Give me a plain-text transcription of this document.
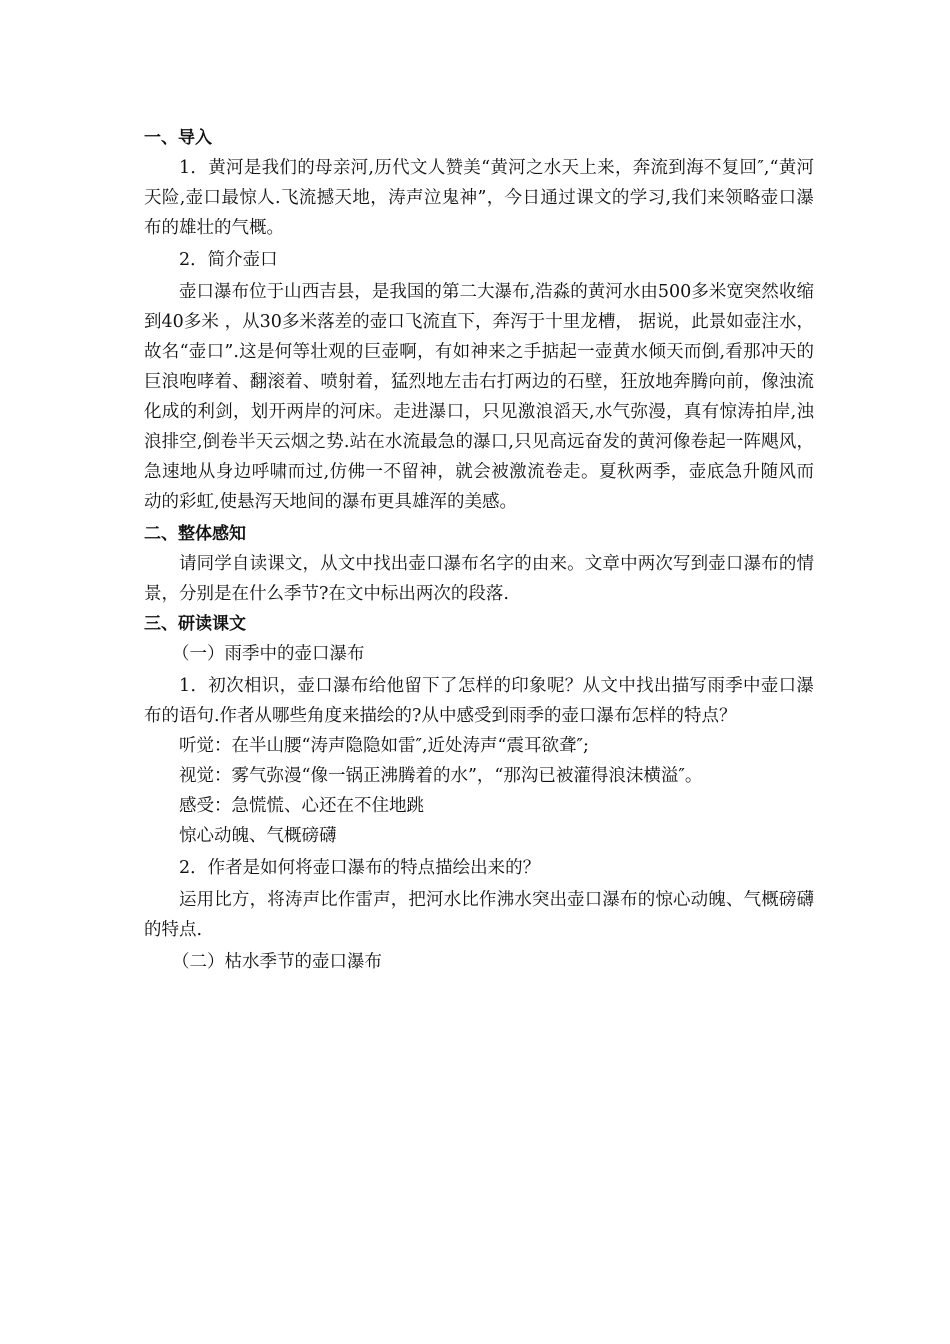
一、导入

1．黄河是我们的母亲河,历代文人赞美“黄河之水天上来，奔流到海不复回″,“黄河天险,壶口最惊人.飞流撼天地，涛声泣鬼神”，今日通过课文的学习,我们来领略壶口瀑布的雄壮的气概。

2．简介壶口

壶口瀑布位于山西吉县，是我国的第二大瀑布,浩淼的黄河水由500多米宽突然收缩到40多米 ，从30多米落差的壶口飞流直下，奔泻于十里龙槽， 据说，此景如壶注水，故名“壶口”.这是何等壮观的巨壶啊，有如神来之手掂起一壶黄水倾天而倒,看那冲天的巨浪咆哮着、翻滚着、喷射着，猛烈地左击右打两边的石壁，狂放地奔腾向前，像浊流化成的利剑，划开两岸的河床。走进瀑口，只见激浪滔天,水气弥漫，真有惊涛拍岸,浊浪排空,倒卷半天云烟之势.站在水流最急的瀑口,只见高远奋发的黄河像卷起一阵飓风，急速地从身边呼啸而过,仿佛一不留神，就会被激流卷走。夏秋两季，壶底急升随风而动的彩虹,使悬泻天地间的瀑布更具雄浑的美感。

二、整体感知

请同学自读课文，从文中找出壶口瀑布名字的由来。文章中两次写到壶口瀑布的情景，分别是在什么季节?在文中标出两次的段落.

三、研读课文
（一）雨季中的壶口瀑布

1．初次相识，壶口瀑布给他留下了怎样的印象呢？从文中找出描写雨季中壶口瀑布的语句.作者从哪些角度来描绘的?从中感受到雨季的壶口瀑布怎样的特点？

听觉：在半山腰“涛声隐隐如雷″,近处涛声“震耳欲聋″;
视觉：雾气弥漫“像一锅正沸腾着的水”，“那沟已被灌得浪沫横溢″。
感受：急慌慌、心还在不住地跳
惊心动魄、气概磅礴

2．作者是如何将壶口瀑布的特点描绘出来的？

运用比方，将涛声比作雷声，把河水比作沸水突出壶口瀑布的惊心动魄、气概磅礴的特点.

（二）枯水季节的壶口瀑布
